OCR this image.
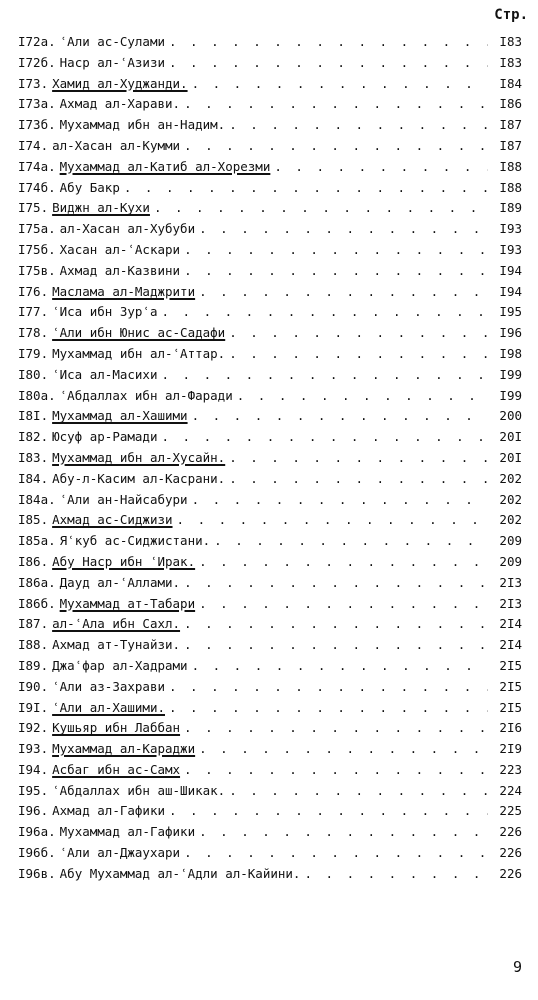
Стр.
I72а. ʿАли ас-Сулами . . .	I83
I72б. Наср ал-ʿАзизи . . .	I83
I73. Хамид ал-Худжанди. . . .	I84
I73а. Ахмад ал-Харави. . . .	I86
I73б. Мухаммад ибн ан-Надим. . . .	I87
I74. ал-Хасан ал-Кумми . . .	I87
I74а. Мухаммад ал-Катиб ал-Хорезми . . .	I88
I74б. Абу Бакр . . .	I88
I75. Виджн ал-Кухи . . .	I89
I75а. ал-Хасан ал-Хубуби . . .	I93
I75б. Хасан ал-ʿАскари . . .	I93
I75в. Ахмад ал-Казвини . . .	I94
I76. Маслама ал-Маджрити . . .	I94
I77. ʿИса ибн Зурʿа . . .	I95
I78. ʿАли ибн Юнис ас-Садафи . . .	I96
I79. Мухаммад ибн ал-ʿАттар. . . .	I98
I80. ʿИса ал-Масихи . . .	I99
I80а. ʿАбдаллах ибн ал-Фаради . . .	I99
I8I. Мухаммад ал-Хашими . . .	200
I82. Юсуф ар-Рамади . . .	20I
I83. Мухаммад ибн ал-Хусайн. . . .	20I
I84. Абу-л-Касим ал-Касрани. . . .	202
I84а. ʿАли ан-Найсабури . . .	202
I85. Ахмад ас-Сиджизи . . .	202
I85а. Яʿкуб ас-Сиджистани. . . .	209
I86. Абу Наср ибн ʿИрак. . . .	209
I86а. Дауд ал-ʿАллами. . . .	2I3
I86б. Мухаммад ат-Табари . . .	2I3
I87. ал-ʿАла ибн Сахл. . . .	2I4
I88. Ахмад ат-Тунайзи. . . .	2I4
I89. Джаʿфар ал-Хадрами . . .	2I5
I90. ʿАли аз-Захрави . . .	2I5
I9I. ʿАли ал-Хашими. . . .	2I5
I92. Кушьяр ибн Лаббан . . .	2I6
I93. Мухаммад ал-Караджи . . .	2I9
I94. Асбаг ибн ас-Самх . . .	223
I95. ʿАбдаллах ибн аш-Шикак. . . .	224
I96. Ахмад ал-Гафики . . .	225
I96а. Мухаммад ал-Гафики . . .	226
I96б. ʿАли ал-Джаухари . . .	226
I96в. Абу Мухаммад ал-ʿАдли ал-Кайини. . . .	226
9
